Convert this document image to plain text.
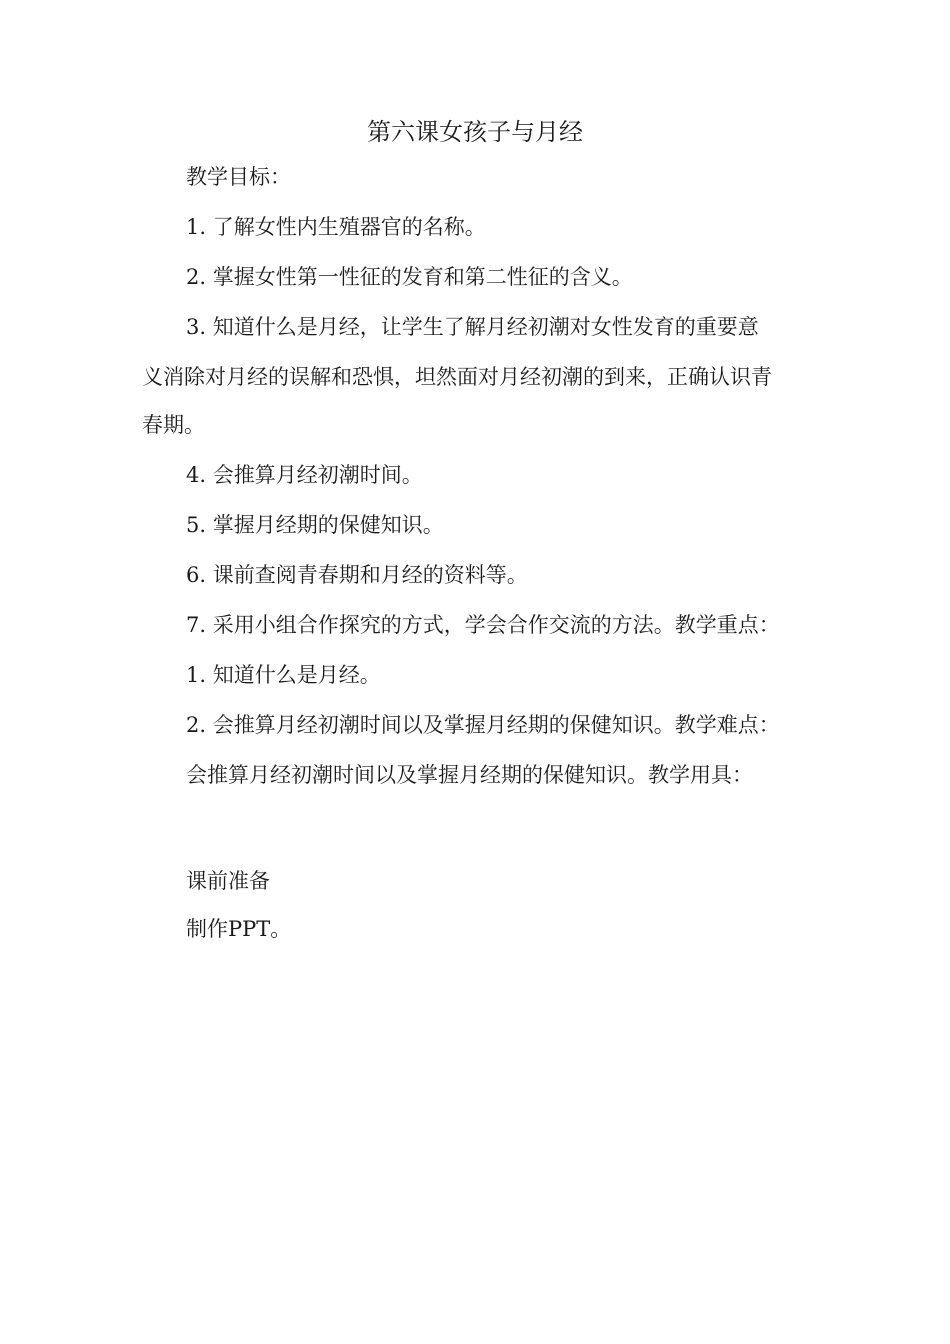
第六课女孩子与月经
教学目标：
1. 了解女性内生殖器官的名称。
2. 掌握女性第一性征的发育和第二性征的含义。
3. 知道什么是月经，让学生了解月经初潮对女性发育的重要意
义消除对月经的误解和恐惧，坦然面对月经初潮的到来，正确认识青
春期。
4. 会推算月经初潮时间。
5. 掌握月经期的保健知识。
6. 课前查阅青春期和月经的资料等。
7. 采用小组合作探究的方式，学会合作交流的方法。教学重点：
1. 知道什么是月经。
2. 会推算月经初潮时间以及掌握月经期的保健知识。教学难点：
会推算月经初潮时间以及掌握月经期的保健知识。教学用具：
课前准备
制作PPT。
